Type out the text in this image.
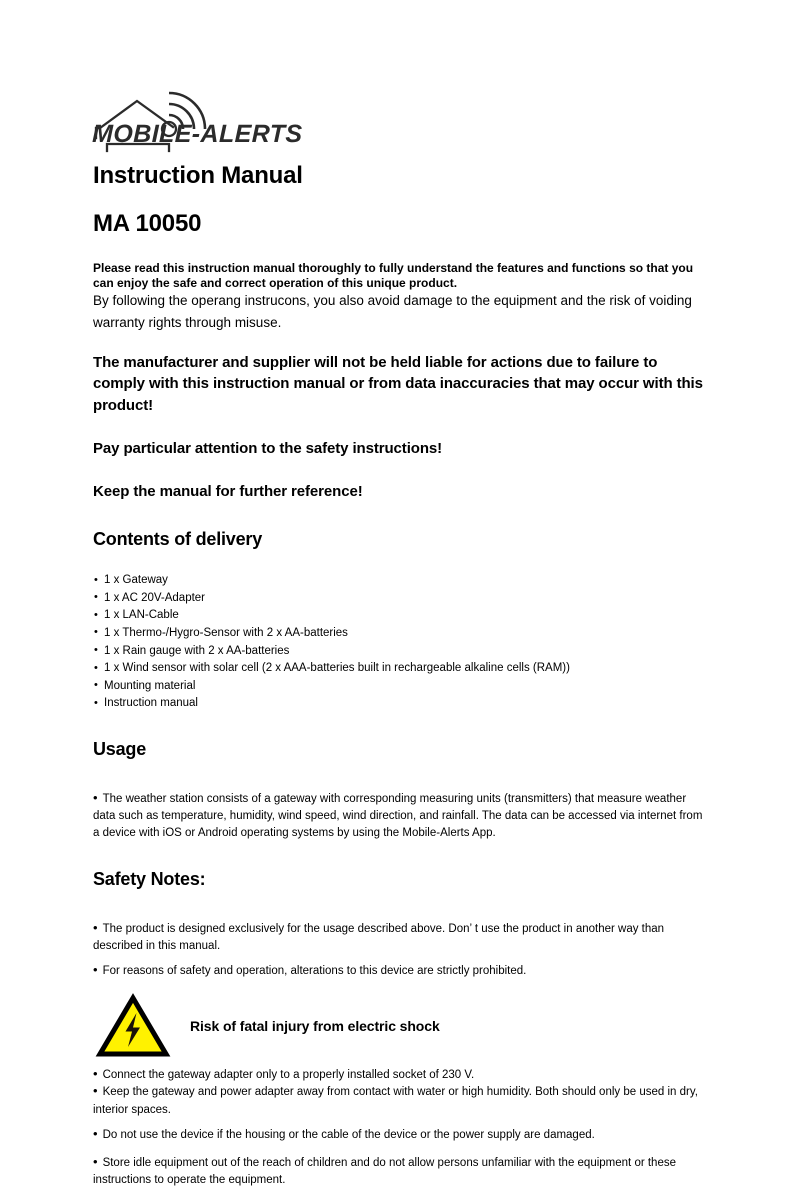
MOBILE-ALERTS
Instruction Manual
MA 10050

Please read this instruction manual thoroughly to fully understand the features and functions so that you can enjoy the safe and correct operation of this unique product.

By following the operang instrucons, you also avoid damage to the equipment and the risk of voiding warranty rights through misuse.

The manufacturer and supplier will not be held liable for actions due to failure to comply with this instruction manual or from data inaccuracies that may occur with this product!

Pay particular attention to the safety instructions!

Keep the manual for further reference!

Contents of delivery
• 1 x Gateway
• 1 x AC 20V-Adapter
• 1 x LAN-Cable
• 1 x Thermo-/Hygro-Sensor with 2 x AA-batteries
• 1 x Rain gauge with 2 x AA-batteries
• 1 x Wind sensor with solar cell (2 x AAA-batteries built in rechargeable alkaline cells (RAM))
• Mounting material
• Instruction manual
Usage

• The weather station consists of a gateway with corresponding measuring units (transmitters) that measure weather data such as temperature, humidity, wind speed, wind direction, and rainfall. The data can be accessed via internet from a device with iOS or Android operating systems by using the Mobile-Alerts App.

Safety Notes:

• The product is designed exclusively for the usage described above. Don’ t use the product in another way than described in this manual.

• For reasons of safety and operation, alterations to this device are strictly prohibited.

Risk of fatal injury from electric shock

• Connect the gateway adapter only to a properly installed socket of 230 V.

• Keep the gateway and power adapter away from contact with water or high humidity. Both should only be used in dry, interior spaces.

• Do not use the device if the housing or the cable of the device or the power supply are damaged.

• Store idle equipment out of the reach of children and do not allow persons unfamiliar with the equipment or these instructions to operate the equipment.
